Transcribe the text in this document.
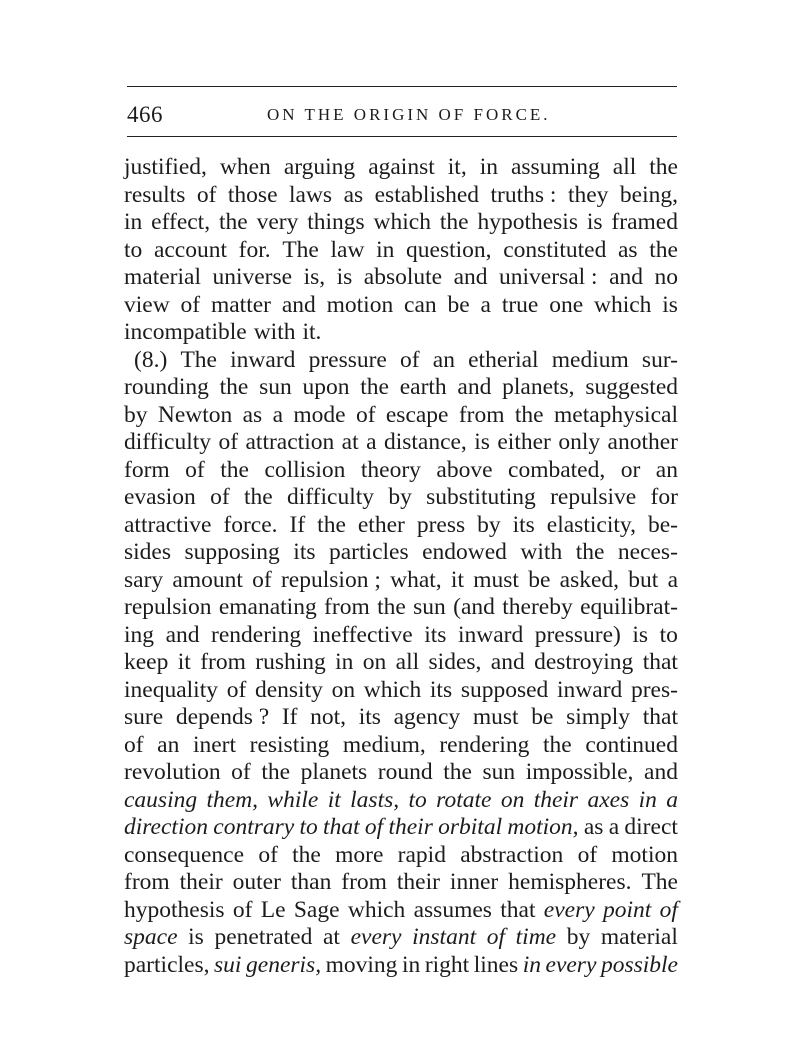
466	ON THE ORIGIN OF FORCE.
justified, when arguing against it, in assuming all the
results of those laws as established truths : they being,
in effect, the very things which the hypothesis is framed
to account for. The law in question, constituted as the
material universe is, is absolute and universal : and no
view of matter and motion can be a true one which is
incompatible with it.
(8.) The inward pressure of an etherial medium sur-
rounding the sun upon the earth and planets, suggested
by Newton as a mode of escape from the metaphysical
difficulty of attraction at a distance, is either only another
form of the collision theory above combated, or an
evasion of the difficulty by substituting repulsive for
attractive force. If the ether press by its elasticity, be-
sides supposing its particles endowed with the neces-
sary amount of repulsion ; what, it must be asked, but a
repulsion emanating from the sun (and thereby equilibrat-
ing and rendering ineffective its inward pressure) is to
keep it from rushing in on all sides, and destroying that
inequality of density on which its supposed inward pres-
sure depends ? If not, its agency must be simply that
of an inert resisting medium, rendering the continued
revolution of the planets round the sun impossible, and
causing them, while it lasts, to rotate on their axes in a
direction contrary to that of their orbital motion, as a direct
consequence of the more rapid abstraction of motion
from their outer than from their inner hemispheres. The
hypothesis of Le Sage which assumes that every point of
space is penetrated at every instant of time by material
particles, sui generis, moving in right lines in every possible
